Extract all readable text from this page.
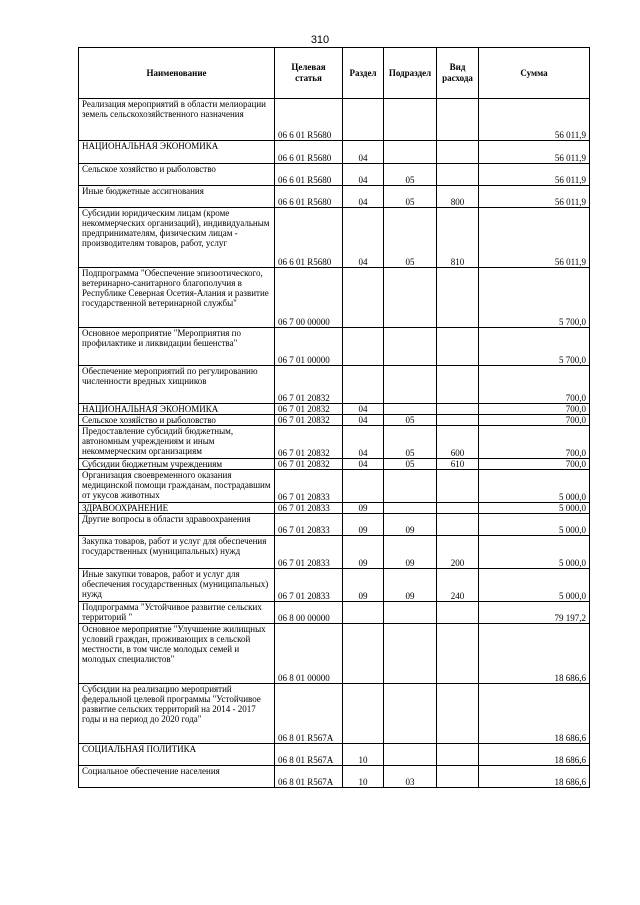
310
Наименование	Целевая статья	Раздел	Подраздел	Вид расхода	Сумма
Реализация мероприятий в области мелиорации земель сельскохозяйственного назначения	06 6 01 R5680				56 011,9
НАЦИОНАЛЬНАЯ ЭКОНОМИКА	06 6 01 R5680	04			56 011,9
Сельское хозяйство и рыболовство	06 6 01 R5680	04	05		56 011,9
Иные бюджетные ассигнования	06 6 01 R5680	04	05	800	56 011,9
Субсидии юридическим лицам (кроме некоммерческих организаций), индивидуальным предпринимателям, физическим лицам - производителям товаров, работ, услуг	06 6 01 R5680	04	05	810	56 011,9
Подпрограмма "Обеспечение эпизоотического, ветеринарно-санитарного благополучия в Республике Северная Осетия-Алания и развитие государственной ветеринарной службы"	06 7 00 00000				5 700,0
Основное мероприятие "Мероприятия по профилактике и ликвидации бешенства"	06 7 01 00000				5 700,0
Обеспечение мероприятий по регулированию численности вредных хищников	06 7 01 20832				700,0
НАЦИОНАЛЬНАЯ ЭКОНОМИКА	06 7 01 20832	04			700,0
Сельское хозяйство и рыболовство	06 7 01 20832	04	05		700,0
Предоставление субсидий бюджетным, автономным учреждениям и иным некоммерческим организациям	06 7 01 20832	04	05	600	700,0
Субсидии бюджетным учреждениям	06 7 01 20832	04	05	610	700,0
Организация своевременного оказания медицинской помощи гражданам, пострадавшим от укусов животных	06 7 01 20833				5 000,0
ЗДРАВООХРАНЕНИЕ	06 7 01 20833	09			5 000,0
Другие вопросы в области здравоохранения	06 7 01 20833	09	09		5 000,0
Закупка товаров, работ и услуг для обеспечения государственных (муниципальных) нужд	06 7 01 20833	09	09	200	5 000,0
Иные закупки товаров, работ и услуг для обеспечения государственных (муниципальных) нужд	06 7 01 20833	09	09	240	5 000,0
Подпрограмма "Устойчивое развитие сельских территорий "	06 8 00 00000				79 197,2
Основное мероприятие "Улучшение жилищных условий граждан, проживающих в сельской местности, в том числе молодых семей и молодых специалистов"	06 8 01 00000				18 686,6
Субсидии на реализацию мероприятий федеральной целевой программы "Устойчивое развитие сельских территорий на 2014 - 2017 годы и на период до 2020 года"	06 8 01 R567A				18 686,6
СОЦИАЛЬНАЯ ПОЛИТИКА	06 8 01 R567A	10			18 686,6
Социальное обеспечение населения	06 8 01 R567A	10	03		18 686,6
